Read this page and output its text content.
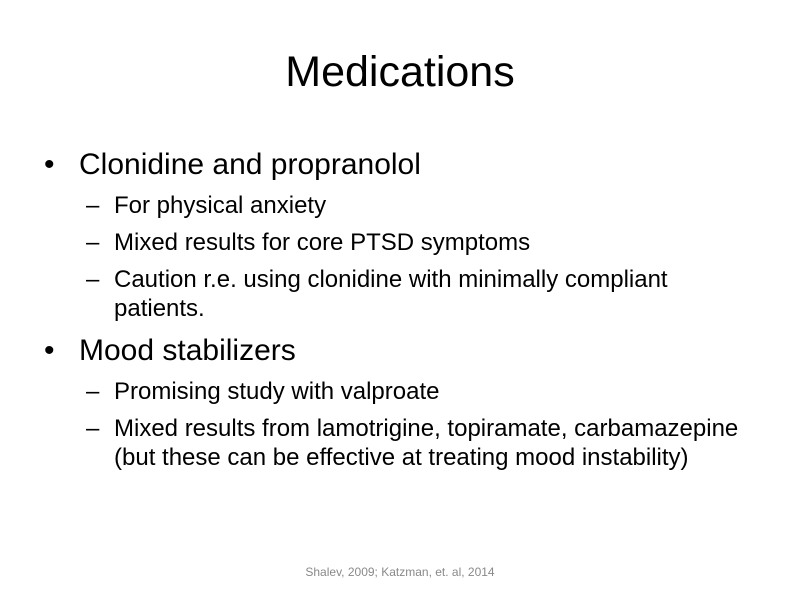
Medications
• Clonidine and propranolol
– For physical anxiety
– Mixed results for core PTSD symptoms
– Caution r.e. using clonidine with minimally compliant patients.
• Mood stabilizers
– Promising study with valproate
– Mixed results from lamotrigine, topiramate, carbamazepine (but these can be effective at treating mood instability)
Shalev, 2009; Katzman, et. al, 2014
